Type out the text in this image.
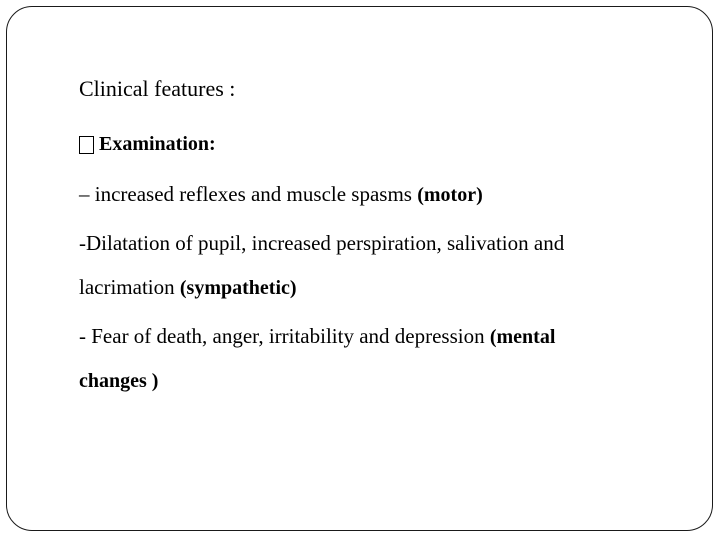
Clinical features :
Examination:
– increased reflexes and muscle spasms (motor)
-Dilatation of pupil, increased perspiration, salivation and
lacrimation (sympathetic)
- Fear of death, anger, irritability and depression (mental
changes )
